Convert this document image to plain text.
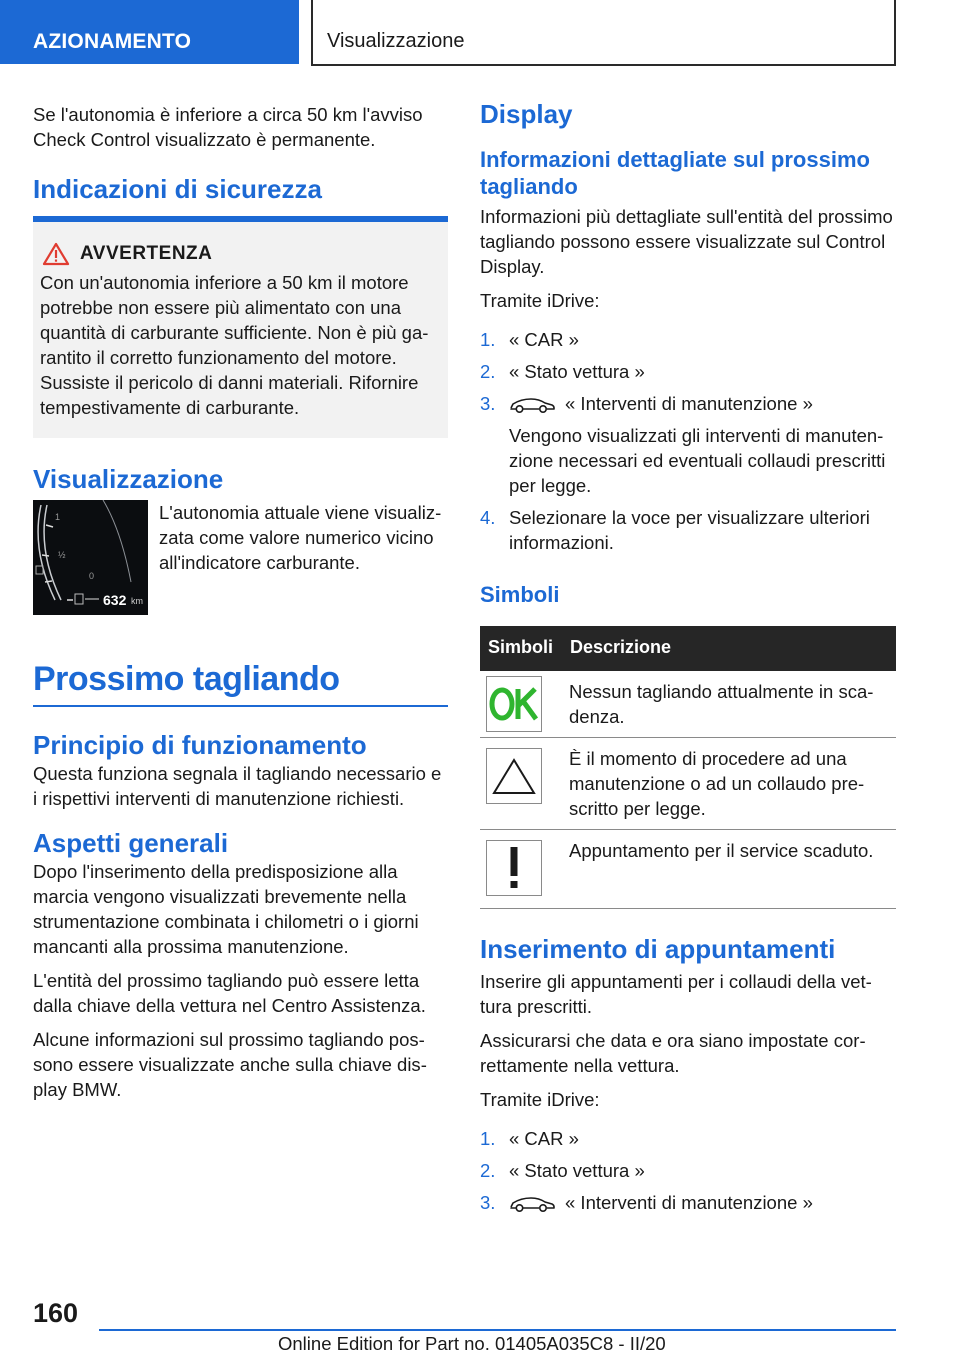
AZIONAMENTO	Visualizzazione

Se l'autonomia è inferiore a circa 50 km l'avviso Check Control visualizzato è permanente.

Indicazioni di sicurezza
AVVERTENZA
Con un'autonomia inferiore a 50 km il motore potrebbe non essere più alimentato con una quantità di carburante sufficiente. Non è più garantito il corretto funzionamento del motore. Sussiste il pericolo di danni materiali. Rifornire tempestivamente di carburante.
Visualizzazione
1
½
0
632 km
L'autonomia attuale viene visualizzata come valore numerico vicino all'indicatore carburante.
Prossimo tagliando
Principio di funzionamento

Questa funziona segnala il tagliando necessario e i rispettivi interventi di manutenzione richiesti.

Aspetti generali

Dopo l'inserimento della predisposizione alla marcia vengono visualizzati brevemente nella strumentazione combinata i chilometri o i giorni mancanti alla prossima manutenzione.

L'entità del prossimo tagliando può essere letta dalla chiave della vettura nel Centro Assistenza.

Alcune informazioni sul prossimo tagliando possono essere visualizzate anche sulla chiave display BMW.

Display
Informazioni dettagliate sul prossimo tagliando

Informazioni più dettagliate sull'entità del prossimo tagliando possono essere visualizzate sul Control Display.

Tramite iDrive:

1. « CAR »
2. « Stato vettura »
3.	« Interventi di manutenzione »
Vengono visualizzati gli interventi di manutenzione necessari ed eventuali collaudi prescritti per legge.
4. Selezionare la voce per visualizzare ulteriori informazioni.
Simboli
Simboli	Descrizione

	Nessun tagliando attualmente in scadenza.

	È il momento di procedere ad una manutenzione o ad un collaudo prescritto per legge.

	Appuntamento per il service scaduto.
Inserimento di appuntamenti

Inserire gli appuntamenti per i collaudi della vettura prescritti.

Assicurarsi che data e ora siano impostate correttamente nella vettura.

Tramite iDrive:

1. « CAR »
2. « Stato vettura »
3.	« Interventi di manutenzione »
160
Online Edition for Part no. 01405A035C8 - II/20
